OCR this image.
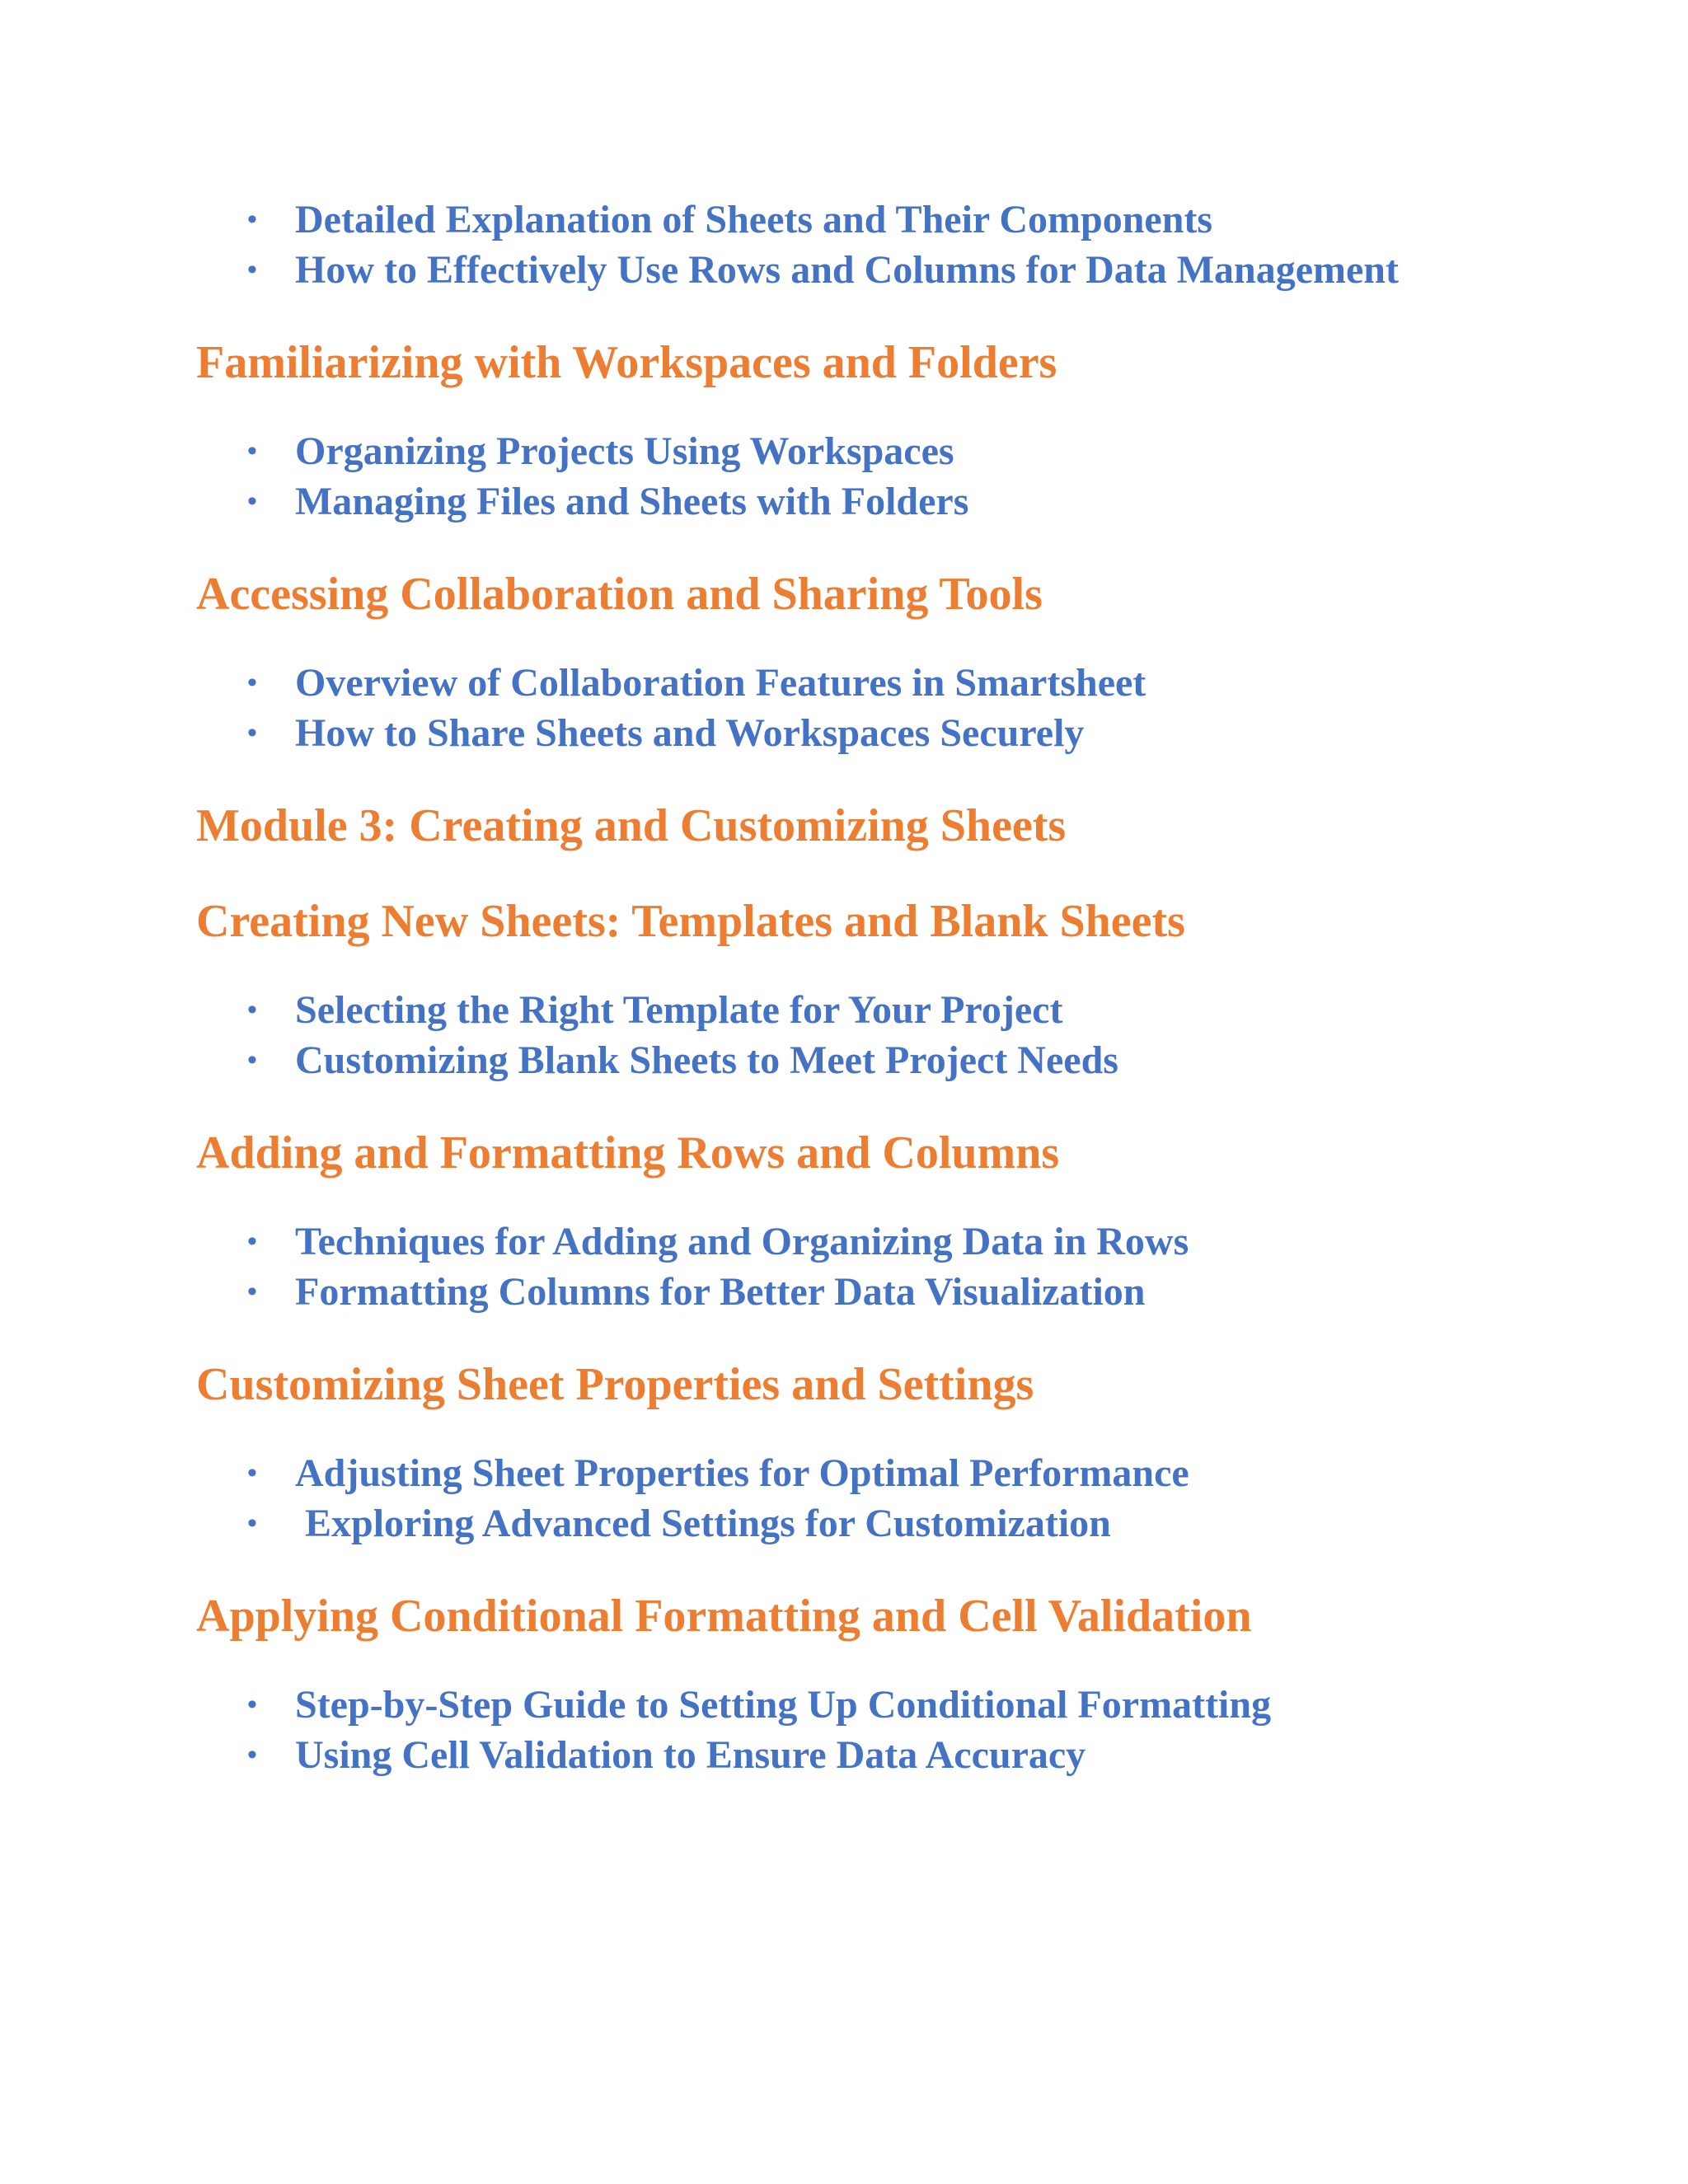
• Detailed Explanation of Sheets and Their Components
• How to Effectively Use Rows and Columns for Data Management
Familiarizing with Workspaces and Folders
• Organizing Projects Using Workspaces
• Managing Files and Sheets with Folders
Accessing Collaboration and Sharing Tools
• Overview of Collaboration Features in Smartsheet
• How to Share Sheets and Workspaces Securely
Module 3: Creating and Customizing Sheets
Creating New Sheets: Templates and Blank Sheets
• Selecting the Right Template for Your Project
• Customizing Blank Sheets to Meet Project Needs
Adding and Formatting Rows and Columns
• Techniques for Adding and Organizing Data in Rows
• Formatting Columns for Better Data Visualization
Customizing Sheet Properties and Settings
• Adjusting Sheet Properties for Optimal Performance
• Exploring Advanced Settings for Customization
Applying Conditional Formatting and Cell Validation
• Step-by-Step Guide to Setting Up Conditional Formatting
• Using Cell Validation to Ensure Data Accuracy
